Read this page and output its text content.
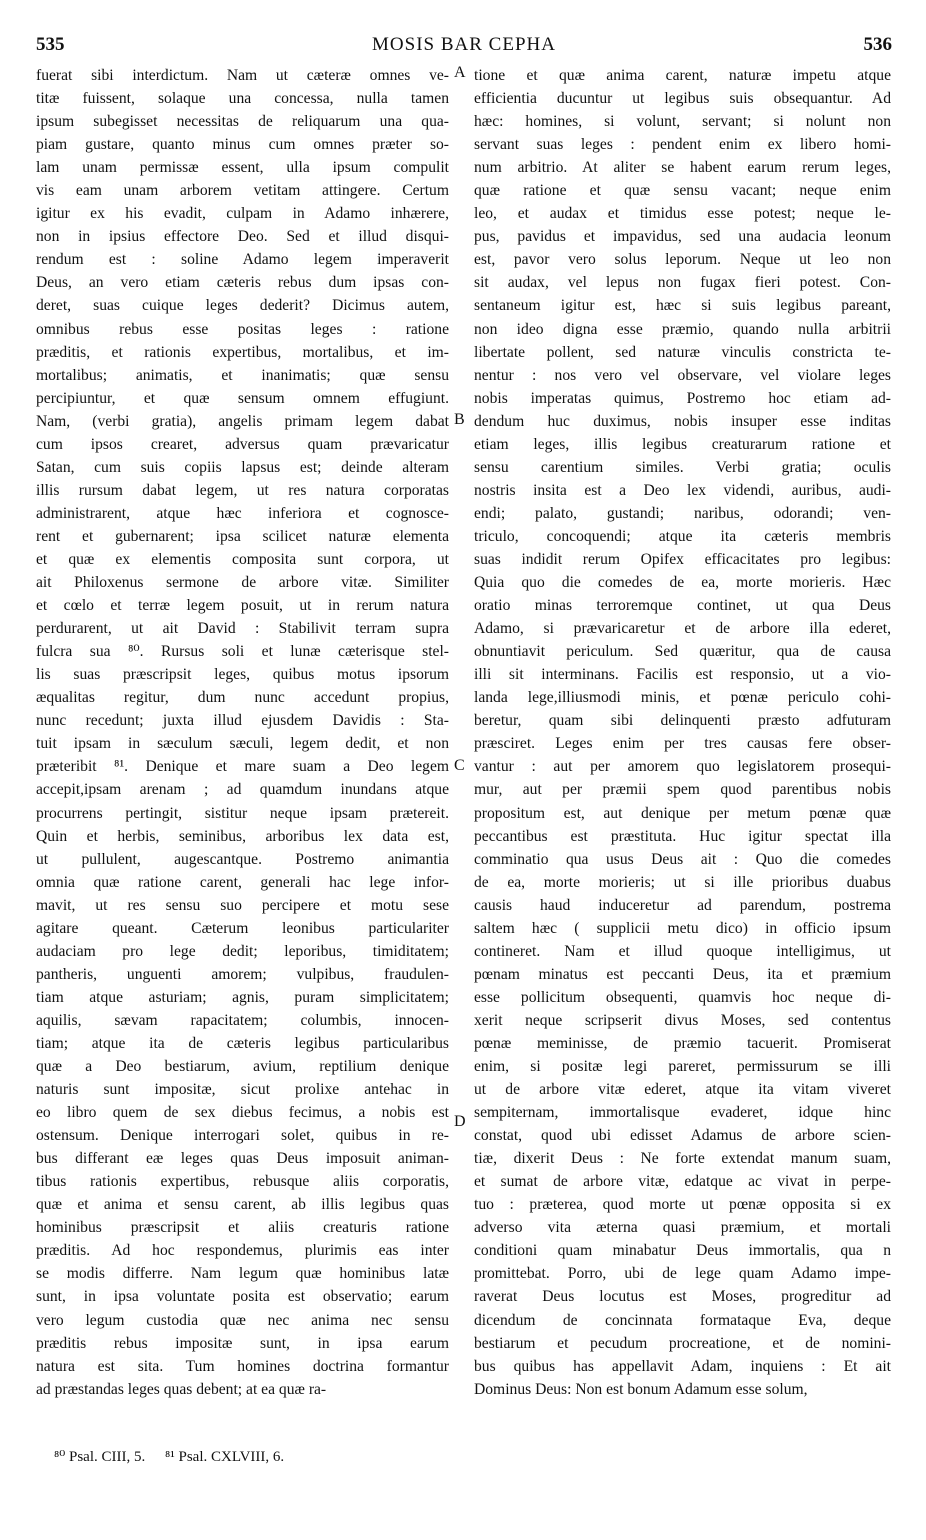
535	MOSIS BAR CEPHA	536
fuerat sibi interdictum. Nam ut cæteræ omnes ve-
titæ fuissent, solaque una concessa, nulla tamen
ipsum subegisset necessitas de reliquarum una qua-
piam gustare, quanto minus cum omnes præter so-
lam unam permissæ essent, ulla ipsum compulit
vis eam unam arborem vetitam attingere. Certum
igitur ex his evadit, culpam in Adamo inhærere,
non in ipsius effectore Deo. Sed et illud disqui-
rendum est : soline Adamo legem imperaverit
Deus, an vero etiam cæteris rebus dum ipsas con-
deret, suas cuique leges dederit? Dicimus autem,
omnibus rebus esse positas leges : ratione
præditis, et rationis expertibus, mortalibus, et im-
mortalibus; animatis, et inanimatis; quæ sensu
percipiuntur, et quæ sensum omnem effugiunt.
Nam, (verbi gratia), angelis primam legem dabat
cum ipsos crearet, adversus quam prævaricatur
Satan, cum suis copiis lapsus est; deinde alteram
illis rursum dabat legem, ut res natura corporatas
administrarent, atque hæc inferiora et cognosce-
rent et gubernarent; ipsa scilicet naturæ elementa
et quæ ex elementis composita sunt corpora, ut
ait Philoxenus sermone de arbore vitæ. Similiter
et cœlo et terræ legem posuit, ut in rerum natura
perdurarent, ut ait David : Stabilivit terram supra
fulcra sua ⁸⁰. Rursus soli et lunæ cæterisque stel-
lis suas præscripsit leges, quibus motus ipsorum
æqualitas regitur, dum nunc accedunt propius,
nunc recedunt; juxta illud ejusdem Davidis : Sta-
tuit ipsam in sæculum sæculi, legem dedit, et non
præteribit ⁸¹. Denique et mare suam a Deo legem
accepit,ipsam arenam ; ad quamdum inundans atque
procurrens pertingit, sistitur neque ipsam prætereit.
Quin et herbis, seminibus, arboribus lex data est,
ut pullulent, augescantque. Postremo animantia
omnia quæ ratione carent, generali hac lege infor-
mavit, ut res sensu suo percipere et motu sese
agitare queant. Cæterum leonibus particulariter
audaciam pro lege dedit; leporibus, timiditatem;
pantheris, unguenti amorem; vulpibus, fraudulen-
tiam atque asturiam; agnis, puram simplicitatem;
aquilis, sævam rapacitatem; columbis, innocen-
tiam; atque ita de cæteris legibus particularibus
quæ a Deo bestiarum, avium, reptilium denique
naturis sunt impositæ, sicut prolixe antehac in
eo libro quem de sex diebus fecimus, a nobis est
ostensum. Denique interrogari solet, quibus in re-
bus differant eæ leges quas Deus imposuit animan-
tibus rationis expertibus, rebusque aliis corporatis,
quæ et anima et sensu carent, ab illis legibus quas
hominibus præscripsit et aliis creaturis ratione
præditis. Ad hoc respondemus, plurimis eas inter
se modis differre. Nam legum quæ hominibus latæ
sunt, in ipsa voluntate posita est observatio; earum
vero legum custodia quæ nec anima nec sensu
præditis rebus impositæ sunt, in ipsa earum
natura est sita. Tum homines doctrina formantur
ad præstandas leges quas debent; at ea quæ ra-
tione et quæ anima carent, naturæ impetu atque
efficientia ducuntur ut legibus suis obsequantur. Ad
hæc: homines, si volunt, servant; si nolunt non
servant suas leges : pendent enim ex libero homi-
num arbitrio. At aliter se habent earum rerum leges,
quæ ratione et quæ sensu vacant; neque enim
leo, et audax et timidus esse potest; neque le-
pus, pavidus et impavidus, sed una audacia leonum
est, pavor vero solus leporum. Neque ut leo non
sit audax, vel lepus non fugax fieri potest. Con-
sentaneum igitur est, hæc si suis legibus pareant,
non ideo digna esse præmio, quando nulla arbitrii
libertate pollent, sed naturæ vinculis constricta te-
nentur : nos vero vel observare, vel violare leges
nobis imperatas quimus, Postremo hoc etiam ad-
dendum huc duximus, nobis insuper esse inditas
etiam leges, illis legibus creaturarum ratione et
sensu carentium similes. Verbi gratia; oculis
nostris insita est a Deo lex videndi, auribus, audi-
endi; palato, gustandi; naribus, odorandi; ven-
triculo, concoquendi; atque ita cæteris membris
suas indidit rerum Opifex efficacitates pro legibus:
Quia quo die comedes de ea, morte morieris. Hæc
oratio minas terroremque continet, ut qua Deus
Adamo, si prævaricaretur et de arbore illa ederet,
obnuntiavit periculum. Sed quæritur, qua de causa
illi sit interminans. Facilis est responsio, ut a vio-
landa lege,illiusmodi minis, et pœnæ periculo cohi-
beretur, quam sibi delinquenti præsto adfuturam
præsciret. Leges enim per tres causas fere obser-
vantur : aut per amorem quo legislatorem prosequi-
mur, aut per præmii spem quod parentibus nobis
propositum est, aut denique per metum pœnæ quæ
peccantibus est præstituta. Huc igitur spectat illa
comminatio qua usus Deus ait : Quo die comedes
de ea, morte morieris; ut si ille prioribus duabus
causis haud induceretur ad parendum, postrema
saltem hæc ( supplicii metu dico) in officio ipsum
contineret. Nam et illud quoque intelligimus, ut
pœnam minatus est peccanti Deus, ita et præmium
esse pollicitum obsequenti, quamvis hoc neque di-
xerit neque scripserit divus Moses, sed contentus
pœnæ meminisse, de præmio tacuerit. Promiserat
enim, si positæ legi pareret, permissurum se illi
ut de arbore vitæ ederet, atque ita vitam viveret
sempiternam, immortalisque evaderet, idque hinc
constat, quod ubi edisset Adamus de arbore scien-
tiæ, dixerit Deus : Ne forte extendat manum suam,
et sumat de arbore vitæ, edatque ac vivat in perpe-
tuo : præterea, quod morte ut pœnæ opposita si ex
adverso vita æterna quasi præmium, et mortali
conditioni quam minabatur Deus immortalis, qua n
promittebat. Porro, ubi de lege quam Adamo impe-
raverat Deus locutus est Moses, progreditur ad
dicendum de concinnata formataque Eva, deque
bestiarum et pecudum procreatione, et de nomini-
bus quibus has appellavit Adam, inquiens : Et ait
Dominus Deus: Non est bonum Adamum esse solum,
A
B
C
D
⁸⁰ Psal. CIII, 5. ⁸¹ Psal. CXLVIII, 6.
